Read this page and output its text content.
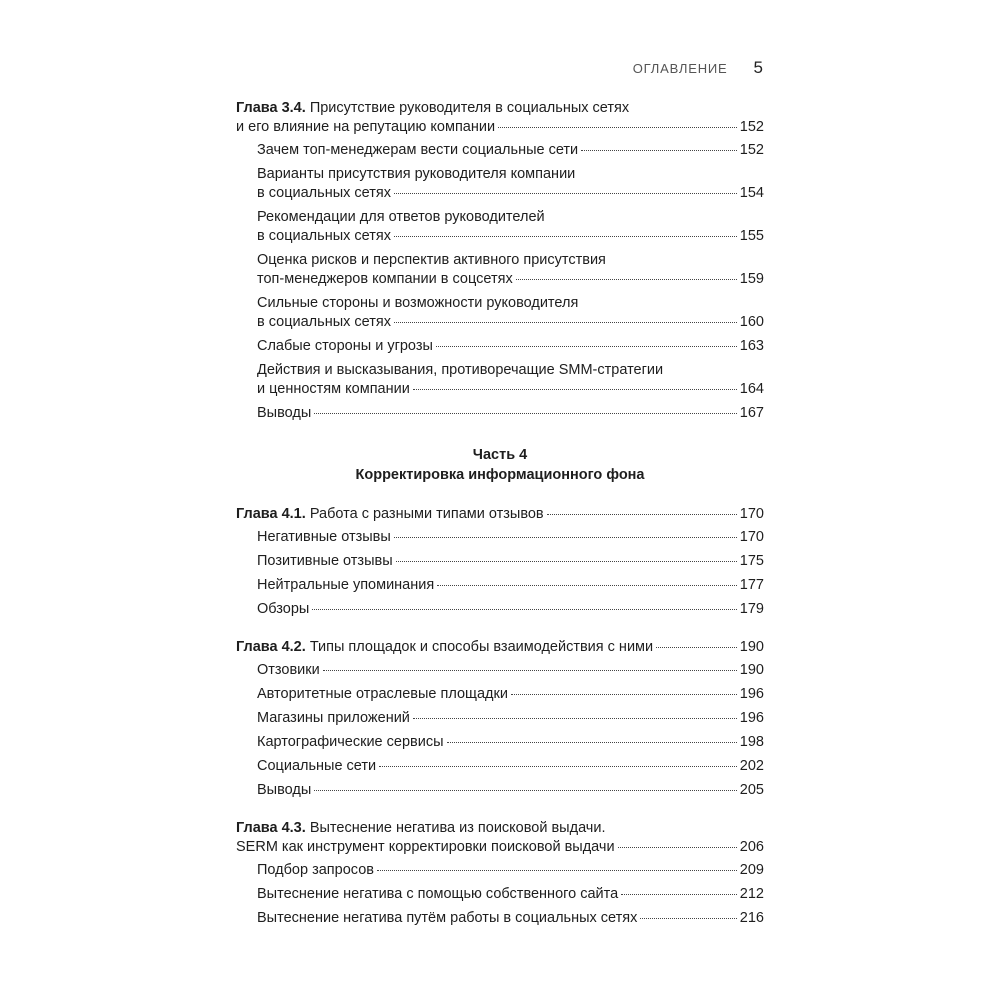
ОГЛАВЛЕНИЕ 5
Глава 3.4. Присутствие руководителя в социальных сетях
и его влияние на репутацию компании	152
Зачем топ-менеджерам вести социальные сети	152
Варианты присутствия руководителя компании
в социальных сетях	154
Рекомендации для ответов руководителей
в социальных сетях	155
Оценка рисков и перспектив активного присутствия
топ-менеджеров компании в соцсетях	159
Сильные стороны и возможности руководителя
в социальных сетях	160
Слабые стороны и угрозы	163
Действия и высказывания, противоречащие SMM-стратегии
и ценностям компании	164
Выводы	167
Часть 4
Корректировка информационного фона
Глава 4.1. Работа с разными типами отзывов	170
Негативные отзывы	170
Позитивные отзывы	175
Нейтральные упоминания	177
Обзоры	179
Глава 4.2. Типы площадок и способы взаимодействия с ними	190
Отзовики	190
Авторитетные отраслевые площадки	196
Магазины приложений	196
Картографические сервисы	198
Социальные сети	202
Выводы	205
Глава 4.3. Вытеснение негатива из поисковой выдачи.
SERM как инструмент корректировки поисковой выдачи	206
Подбор запросов	209
Вытеснение негатива с помощью собственного сайта	212
Вытеснение негатива путём работы в социальных сетях	216
